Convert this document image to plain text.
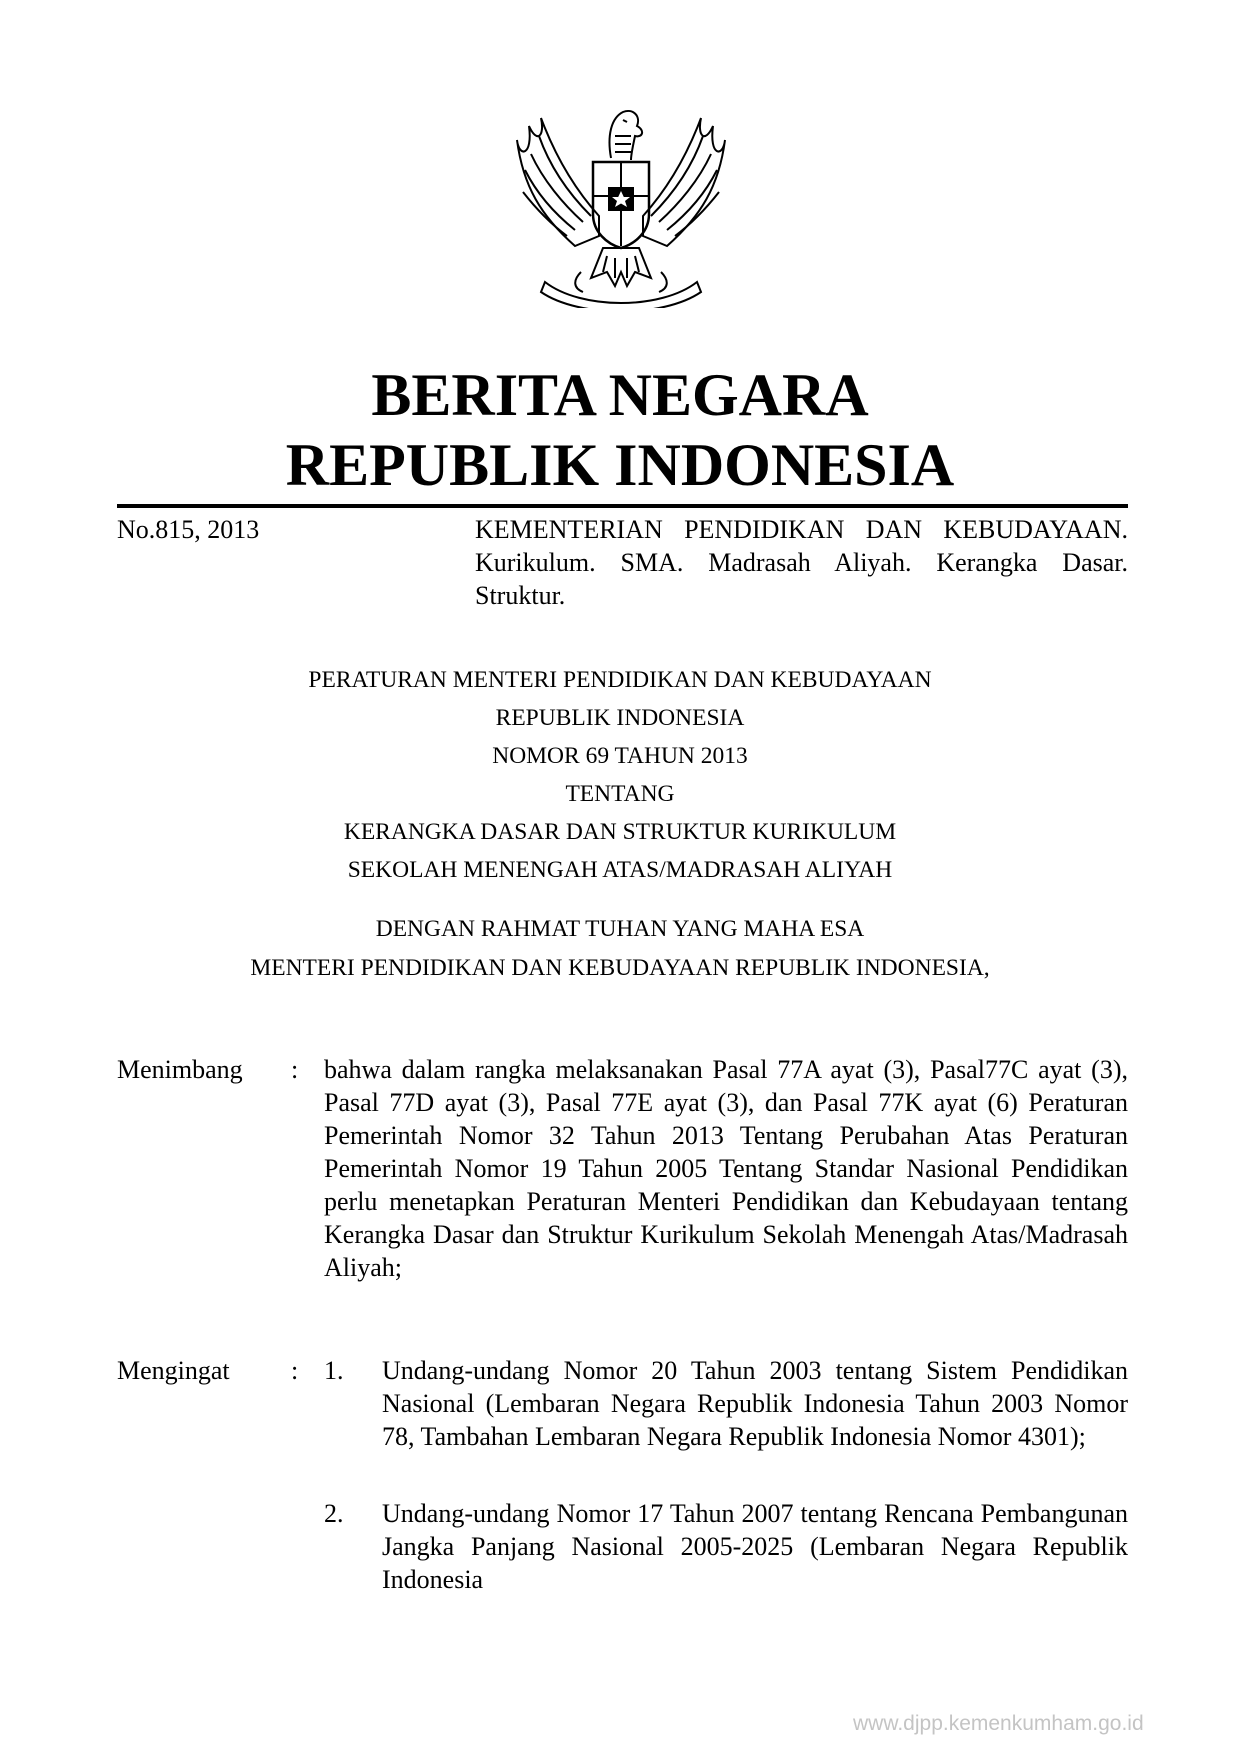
BERITA NEGARA
REPUBLIK INDONESIA
No.815, 2013	KEMENTERIAN PENDIDIKAN DAN KEBUDAYAAN. Kurikulum. SMA. Madrasah Aliyah. Kerangka Dasar. Struktur.
PERATURAN MENTERI PENDIDIKAN DAN KEBUDAYAAN
REPUBLIK INDONESIA
NOMOR 69 TAHUN 2013
TENTANG
KERANGKA DASAR DAN STRUKTUR KURIKULUM
SEKOLAH MENENGAH ATAS/MADRASAH ALIYAH
DENGAN RAHMAT TUHAN YANG MAHA ESA
MENTERI PENDIDIKAN DAN KEBUDAYAAN REPUBLIK INDONESIA,
Menimbang : bahwa dalam rangka melaksanakan Pasal 77A ayat (3), Pasal77C ayat (3), Pasal 77D ayat (3), Pasal 77E ayat (3), dan Pasal 77K ayat (6) Peraturan Pemerintah Nomor 32 Tahun 2013 Tentang Perubahan Atas Peraturan Pemerintah Nomor 19 Tahun 2005 Tentang Standar Nasional Pendidikan perlu menetapkan Peraturan Menteri Pendidikan dan Kebudayaan tentang Kerangka Dasar dan Struktur Kurikulum Sekolah Menengah Atas/Madrasah Aliyah;
Mengingat : 1. Undang-undang Nomor 20 Tahun 2003 tentang Sistem Pendidikan Nasional (Lembaran Negara Republik Indonesia Tahun 2003 Nomor 78, Tambahan Lembaran Negara Republik Indonesia Nomor 4301);
2. Undang-undang Nomor 17 Tahun 2007 tentang Rencana Pembangunan Jangka Panjang Nasional 2005-2025 (Lembaran Negara Republik Indonesia
www.djpp.kemenkumham.go.id
